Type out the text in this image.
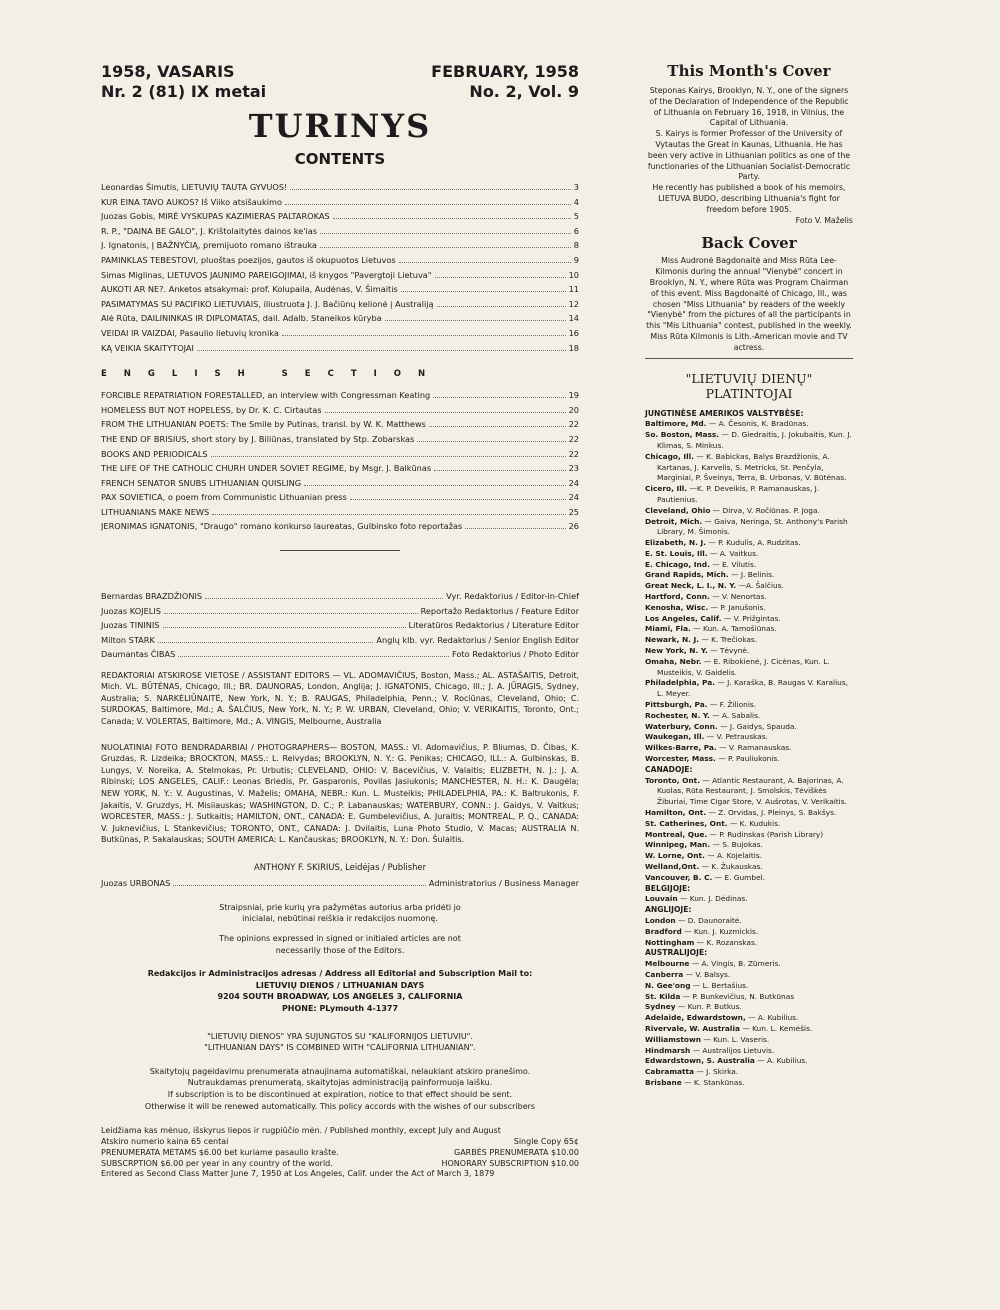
1958, VASARIS	FEBRUARY, 1958
Nr. 2 (81) IX metai	No. 2, Vol. 9
TURINYS
CONTENTS
Leonardas Šimutis, LIETUVIŲ TAUTA GYVUOS!	3
KUR EINA TAVO AUKOS? Iš Viiko atsišaukimo	4
Juozas Gobis, MIRĖ VYSKUPAS KAZIMIERAS PALTAROKAS	5
R. P., "DAINA BE GALO", J. Krištolaitytės dainos ke'ias	6
J. Ignatonis, Į BAŽNYČIĄ, premijuoto romano ištrauka	8
PAMINKLAS TEBESTOVI, pluoštas poezijos, gautos iš okupuotos Lietuvos	9
Simas Miglinas, LIETUVOS JAUNIMO PAREIGOJIMAI, iš knygos "Pavergtoji Lietuva"	10
AUKOTI AR NE?. Anketos atsakymai: prof. Kolupaila, Audėnas, V. Šimaitis	11
PASIMATYMAS SU PACIFIKO LIETUVIAIS, iliustruota J. J. Bačiūnų kelionė į Australiją	12
Alė Rūta, DAILININKAS IR DIPLOMATAS, dail. Adalb. Staneikos kūryba	14
VEIDAI IR VAIZDAI, Pasaulio lietuvių kronika	16
KĄ VEIKIA SKAITYTOJAI	18
ENGLISH SECTION
FORCIBLE REPATRIATION FORESTALLED, an interview with Congressman Keating	19
HOMELESS BUT NOT HOPELESS, by Dr. K. C. Cirtautas	20
FROM THE LITHUANIAN POETS: The Smile by Putinas, transl. by W. K. Matthews	22
THE END OF BRISIUS, short story by J. Biliūnas, translated by Stp. Zobarskas	22
BOOKS AND PERIODICALS	22
THE LIFE OF THE CATHOLIC CHURH UNDER SOVIET REGIME, by Msgr. J. Balkūnas	23
FRENCH SENATOR SNUBS LITHUANIAN QUISLING	24
PAX SOVIETICA, o poem from Communistic Lithuanian press	24
LITHUANIANS MAKE NEWS	25
JERONIMAS IGNATONIS, "Draugo" romano konkurso laureatas, Gulbinsko foto reportažas	26
Bernardas BRAZDŽIONIS	Vyr. Redaktorius / Editor-in-Chief
Juozas KOJELIS	Reportažo Redaktorius / Feature Editor
Juozas TININIS	Literatūros Redaktorius / Literature Editor
Milton STARK	Anglų klb. vyr. Redaktorius / Senior English Editor
Daumantas ČIBAS	Foto Redaktorius / Photo Editor
REDAKTORIAI ATSKIROSE VIETOSE / ASSISTANT EDITORS — VL. ADOMAVIČIUS, Boston, Mass.; AL. ASTAŠAITIS, Detroit, Mich. VL. BŪTĖNAS, Chicago, Ill.; BR. DAUNORAS, London, Anglija; J. IGNATONIS, Chicago, Ill.; J. A. JŪRAGIS, Sydney, Australia; S. NARKĖLIŪNAITĖ, New York, N. Y.; B. RAUGAS, Philadelphia, Penn.; V. Rociūnas, Cleveland, Ohio; C. SURDOKAS, Baltimore, Md.; A. ŠALČIUS, New York, N. Y.; P. W. URBAN, Cleveland, Ohio; V. VERIKAITIS, Toronto, Ont.; Canada; V. VOLERTAS, Baltimore, Md.; A. VINGIS, Melbourne, Australia
NUOLATINIAI FOTO BENDRADARBIAI / PHOTOGRAPHERS— BOSTON, MASS.: Vl. Adomavičius, P. Bliumas, D. Čibas, K. Gruzdas, R. Lizdeika; BROCKTON, MASS.: L. Reivydas; BROOKLYN, N. Y.: G. Penikas; CHICAGO, ILL.: A. Gulbinskas, B. Lungys, V. Noreika, A. Stelmokas, Pr. Urbutis; CLEVELAND, OHIO: V. Bacevičius, V. Valaitis; ELIZBETH, N. J.: J. A. Ribinski; LOS ANGELES, CALIF.: Leonas Briedis, Pr. Gasparonis, Povilas Jasiukonis; MANCHESTER, N. H.: K. Daugėla; NEW YORK, N. Y.: V. Augustinas, V. Maželis; OMAHA, NEBR.: Kun. L. Musteikis; PHILADELPHIA, PA.: K. Baltrukonis, F. Jakaitis, V. Gruzdys, H. Misiiauskas; WASHINGTON, D. C.; P. Labanauskas; WATERBURY, CONN.: J. Gaidys, V. Vaitkus; WORCESTER, MASS.: J. Sutkaitis; HAMILTON, ONT., CANADA: E. Gumbelevičius, A. Juraitis; MONTREAL, P. Q., CANADA: V. Juknevičius, L Stankevičius; TORONTO, ONT., CANADA: J. Dvilaitis, Luna Photo Studio, V. Macas; AUSTRALIA N. Butkūnas, P. Sakalauskas; SOUTH AMERICA: L. Kančauskas; BROOKLYN, N. Y.: Don. Šulaitis.
ANTHONY F. SKIRIUS, Leidėjas / Publisher
Juozas URBONAS	Administratorius / Business Manager
Straipsniai, prie kurių yra pažymėtas autorius arba pridėti jo inicialai, nebūtinai reiškia ir redakcijos nuomonę.
The opinions expressed in signed or initialed articles are not necessarily those of the Editors.
Redakcijos ir Administracijos adresas / Address all Editorial and Subscription Mail to:
LIETUVIŲ DIENOS / LITHUANIAN DAYS
9204 SOUTH BROADWAY, LOS ANGELES 3, CALIFORNIA
PHONE: PLymouth 4-1377
"LIETUVIŲ DIENOS" YRA SUJUNGTOS SU "KALIFORNIJOS LIETUVIU".
"LITHUANIAN DAYS" IS COMBINED WITH "CALIFORNIA LITHUANIAN".
Skaitytojų pageidavimu prenumerata atnaujinama automatiškai, nelaukiant atskiro pranešimo.
Nutraukdamas prenumeratą, skaitytojas administraciją painformuoja laišku.
If subscription is to be discontinued at expiration, notice to that effect should be sent.
Otherwise it will be renewed automatically. This policy accords with the wishes of our subscribers
Leidžiama kas mėnuo, išskyrus liepos ir rugpiūčio mėn. / Published monthly, except July and August
Atskiro numerio kaina 65 centai	Single Copy 65¢
PRENUMERATA METAMS $6.00 bet kuriame pasaulio krašte.	GARBĖS PRENUMERATA $10.00
SUBSCRPTION $6.00 per year in any country of the world.	HONORARY SUBSCRIPTION $10.00
Entered as Second Class Matter June 7, 1950 at Los Angeles, Calif. under the Act of March 3, 1879
This Month's Cover
Steponas Kairys, Brooklyn, N. Y., one of the signers of the Declaration of Independence of the Republic of Lithuania on February 16, 1918, in Vilnius, the Capital of Lithuania.
S. Kairys is former Professor of the University of Vytautas the Great in Kaunas, Lithuania. He has been very active in Lithuanian politics as one of the functionaries of the Lithuanian Socialist-Democratic Party.
He recently has published a book of his memoirs, LIETUVA BUDO, describing Lithuania's fight for freedom before 1905.
Foto V. Maželis
Back Cover
Miss Audronė Bagdonaitė and Miss Rūta Lee-Kilmonis during the annual "Vienybė" concert in Brooklyn, N. Y., where Rūta was Program Chairman of this event. Miss Bagdonaitė of Chicago, Ill., was chosen "Miss Lithuania" by readers of the weekly "Vienybė" from the pictures of all the participants in this "Mis Lithuania" contest, published in the weekly. Miss Rūta Kilmonis is Lith.-American movie and TV actress.
"LIETUVIŲ DIENŲ"
PLATINTOJAI
JUNGTINĖSE AMERIKOS VALSTYBĖSE:
Baltimore, Md. — A. Česonis, K. Bradūnas.
So. Boston, Mass. — D. Giedraitis, J. Jokubaitis, Kun. J. Klimas, S. Minkus.
Chicago, Ill. — K. Babickas, Balys Brazdžionis, A. Kartanas, J. Karvelis, S. Metricks, St. Penčyla, Marginiai, P. Šveinys, Terra, B. Urbonas, V. Būtėnas.
Cicero, Ill. —K. P. Deveikis, P. Ramanauskas, J. Pautienius.
Cleveland, Ohio — Dirva, V. Ročiūnas. P. Joga.
Detroit, Mich. — Gaiva, Neringa, St. Anthony's Parish Library, M. Šimonis.
Elizabeth, N. J. — P. Kudulis, A. Rudzitas.
E. St. Louis, Ill. — A. Vaitkus.
E. Chicago, Ind. — E. Vilutis.
Grand Rapids, Mich. — J. Belinis.
Great Neck, L. I., N. Y. —A. Šalčius.
Hartford, Conn. — V. Nenortas.
Kenosha, Wisc. — P. Janušonis.
Los Angeles, Calif. — V. Prižgintas.
Miami, Fla. — Kun. A. Tamošiūnas.
Newark, N. J. — K. Trečiokas.
New York, N. Y. — Tėvynė.
Omaha, Nebr. — E. Ribokienė, J. Cicėnas, Kun. L. Musteikis, V. Gaidelis.
Philadelphia, Pa. — J. Karaška, B. Raugas V. Karalius, L. Meyer.
Pittsburgh, Pa. — F. Žilionis.
Rochester, N. Y. — A. Sabalis.
Waterbury, Conn. — J. Gaidys, Spauda.
Waukegan, Ill. — V. Petrauskas.
Wilkes-Barre, Pa. — V. Ramanauskas.
Worcester, Mass. — P. Pauliukonis.
CANADOJE:
Toronto, Ont. — Atlantic Restaurant, A. Bajorinas, A. Kuolas, Rūta Restaurant, J. Smolskis, Tėviškės Žiburiai, Time Cigar Store, V. Aušrotas, V. Verikaitis.
Hamilton, Ont. — Z. Orvidas, J. Pleinys, S. Bakšys.
St. Catherines, Ont. — K. Kudukis.
Montreal, Que. — P. Rudinskas (Parish Library)
Winnipeg, Man. — S. Bujokas.
W. Lorne, Ont. — A. Kojelaitis.
Welland,Ont. — K. Žukauskas.
Vancouver, B. C. — E. Gumbel.
BELGIJOJE:
Louvain — Kun. J. Dėdinas.
ANGLIJOJE:
London — D. Daunoraitė.
Bradford — Kun. J. Kuzmickis.
Nottingham — K. Rozanskas.
AUSTRALIJOJE:
Melbourne — A. Vingis, B. Zūmeris.
Canberra — V. Balsys.
N. Gee'ong — L. Bertašius.
St. Kilda — P. Bunkevičius, N. Butkūnas
Sydney — Kun. P. Butkus.
Adelaide, Edwardstown, — A. Kubilius.
Rivervale, W. Australia — Kun. L. Kemėšis.
Williamstown — Kun. L. Vaseris.
Hindmarsh — Australijos Lietuvis.
Edwardstown, S. Australia — A. Kubilius.
Cabramatta — J. Skirka.
Brisbane — K. Stankūnas.
